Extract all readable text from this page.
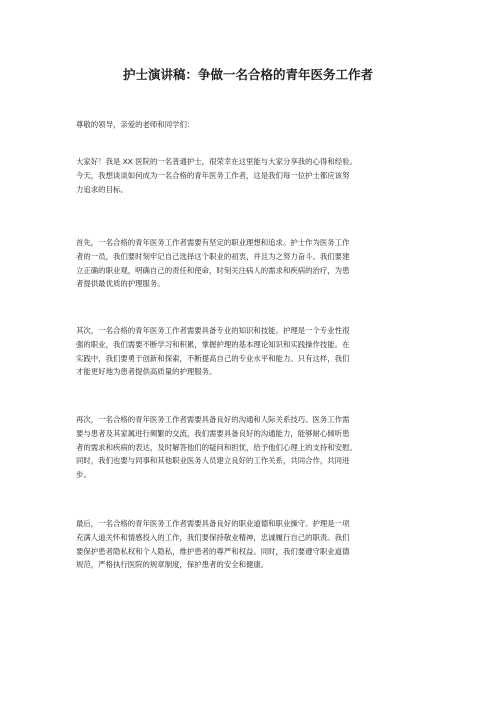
护士演讲稿：争做一名合格的青年医务工作者
尊敬的领导，亲爱的老师和同学们：
大家好！我是 XX 医院的一名普通护士，很荣幸在这里能与大家分享我的心得和经验。
今天，我想谈谈如何成为一名合格的青年医务工作者，这是我们每一位护士都应该努
力追求的目标。
首先，一名合格的青年医务工作者需要有坚定的职业理想和追求。护士作为医务工作
者的一员，我们要时刻牢记自己选择这个职业的初衷，并且为之努力奋斗。我们要建
立正确的职业观，明确自己的责任和使命，时刻关注病人的需求和疾病的治疗，为患
者提供最优质的护理服务。
其次，一名合格的青年医务工作者需要具备专业的知识和技能。护理是一个专业性很
强的职业，我们需要不断学习和积累，掌握护理的基本理论知识和实践操作技能。在
实践中，我们要勇于创新和探索，不断提高自己的专业水平和能力。只有这样，我们
才能更好地为患者提供高质量的护理服务。
再次，一名合格的青年医务工作者需要具备良好的沟通和人际关系技巧。医务工作需
要与患者及其家属进行频繁的交流，我们需要具备良好的沟通能力，能够耐心倾听患
者的需求和疾病的表达，及时解答他们的疑问和担忧，给予他们心理上的支持和安慰。
同时，我们也要与同事和其他职业医务人员建立良好的工作关系，共同合作，共同进
步。
最后，一名合格的青年医务工作者需要具备良好的职业道德和职业操守。护理是一项
充满人道关怀和情感投入的工作，我们要保持敬业精神，忠诚履行自己的职责。我们
要保护患者隐私权和个人隐私，维护患者的尊严和权益。同时，我们要遵守职业道德
规范，严格执行医院的规章制度，保护患者的安全和健康。
